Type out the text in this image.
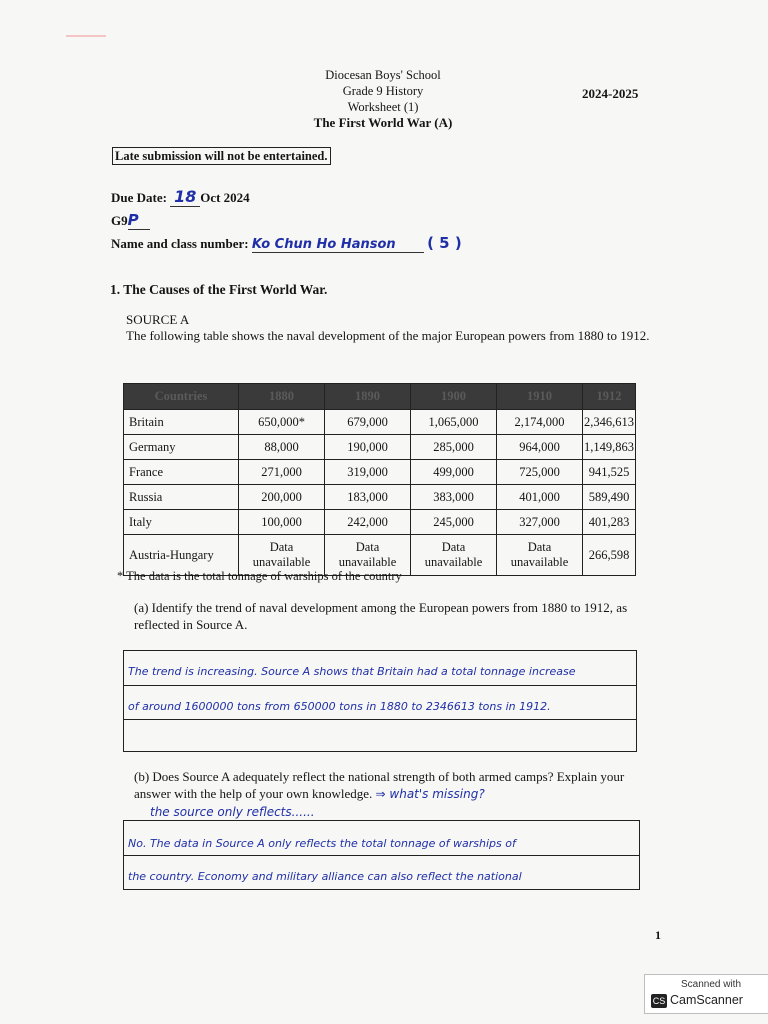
Diocesan Boys' School
Grade 9 History
Worksheet (1)
The First World War (A)
2024-2025
Late submission will not be entertained.
Due Date: 18 Oct 2024
G9P
Name and class number: Ko Chun Ho Hanson ( 5 )
1. The Causes of the First World War.
SOURCE A
The following table shows the naval development of the major European powers from 1880 to 1912.
Countries	1880	1890	1900	1910	1912
Britain	650,000*	679,000	1,065,000	2,174,000	2,346,613
Germany	88,000	190,000	285,000	964,000	1,149,863
France	271,000	319,000	499,000	725,000	941,525
Russia	200,000	183,000	383,000	401,000	589,490
Italy	100,000	242,000	245,000	327,000	401,283
Austria-Hungary	Data unavailable	Data unavailable	Data unavailable	Data unavailable	266,598
* The data is the total tonnage of warships of the country
(a) Identify the trend of naval development among the European powers from 1880 to 1912, as reflected in Source A.
The trend is increasing. Source A shows that Britain had a total tonnage increase
of around 1600000 tons from 650000 tons in 1880 to 2346613 tons in 1912.
(b) Does Source A adequately reflect the national strength of both armed camps? Explain your answer with the help of your own knowledge. ⇒ what's missing?
the source only reflects......
No. The data in Source A only reflects the total tonnage of warships of
the country. Economy and military alliance can also reflect the national
1
Scanned with
CS CamScanner
